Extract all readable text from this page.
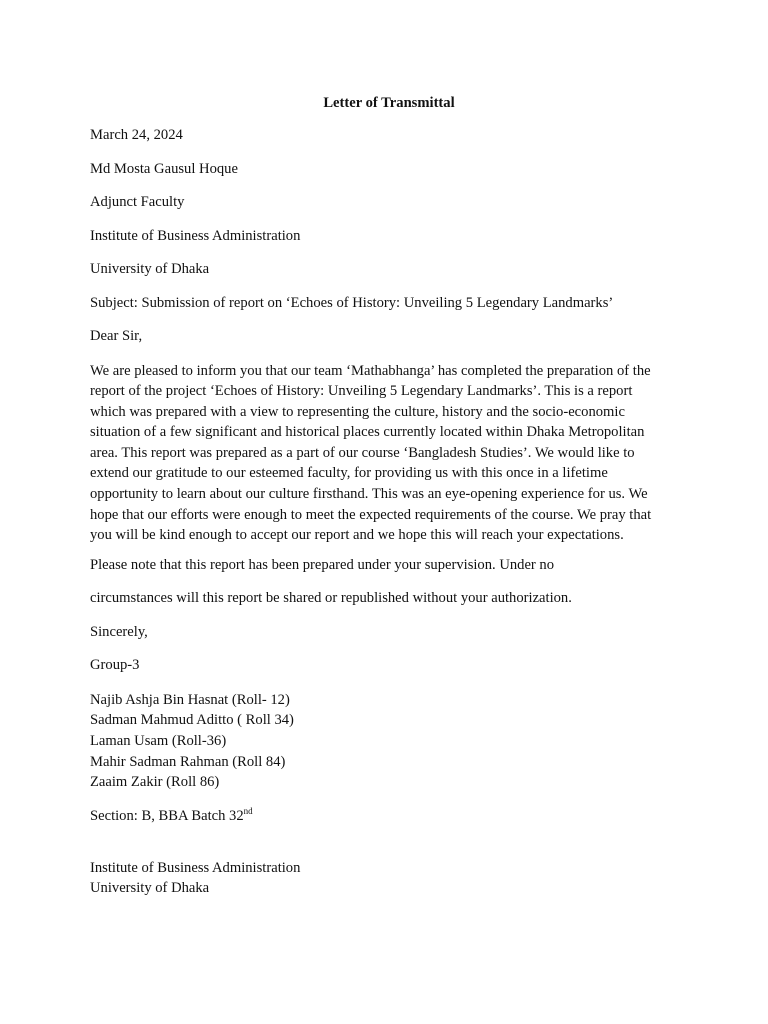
Letter of Transmittal
March 24, 2024
Md Mosta Gausul Hoque
Adjunct Faculty
Institute of Business Administration
University of Dhaka
Subject: Submission of report on ‘Echoes of History: Unveiling 5 Legendary Landmarks’
Dear Sir,
We are pleased to inform you that our team ‘Mathabhanga’ has completed the preparation of the
report of the project ‘Echoes of History: Unveiling 5 Legendary Landmarks’. This is a report
which was prepared with a view to representing the culture, history and the socio-economic
situation of a few significant and historical places currently located within Dhaka Metropolitan
area. This report was prepared as a part of our course ‘Bangladesh Studies’. We would like to
extend our gratitude to our esteemed faculty, for providing us with this once in a lifetime
opportunity to learn about our culture firsthand. This was an eye-opening experience for us. We
hope that our efforts were enough to meet the expected requirements of the course. We pray that
you will be kind enough to accept our report and we hope this will reach your expectations.
Please note that this report has been prepared under your supervision. Under no
circumstances will this report be shared or republished without your authorization.
Sincerely,
Group-3
Najib Ashja Bin Hasnat (Roll- 12)
Sadman Mahmud Aditto ( Roll 34)
Laman Usam (Roll-36)
Mahir Sadman Rahman (Roll 84)
Zaaim Zakir (Roll 86)
Section: B, BBA Batch 32nd
Institute of Business Administration
University of Dhaka
